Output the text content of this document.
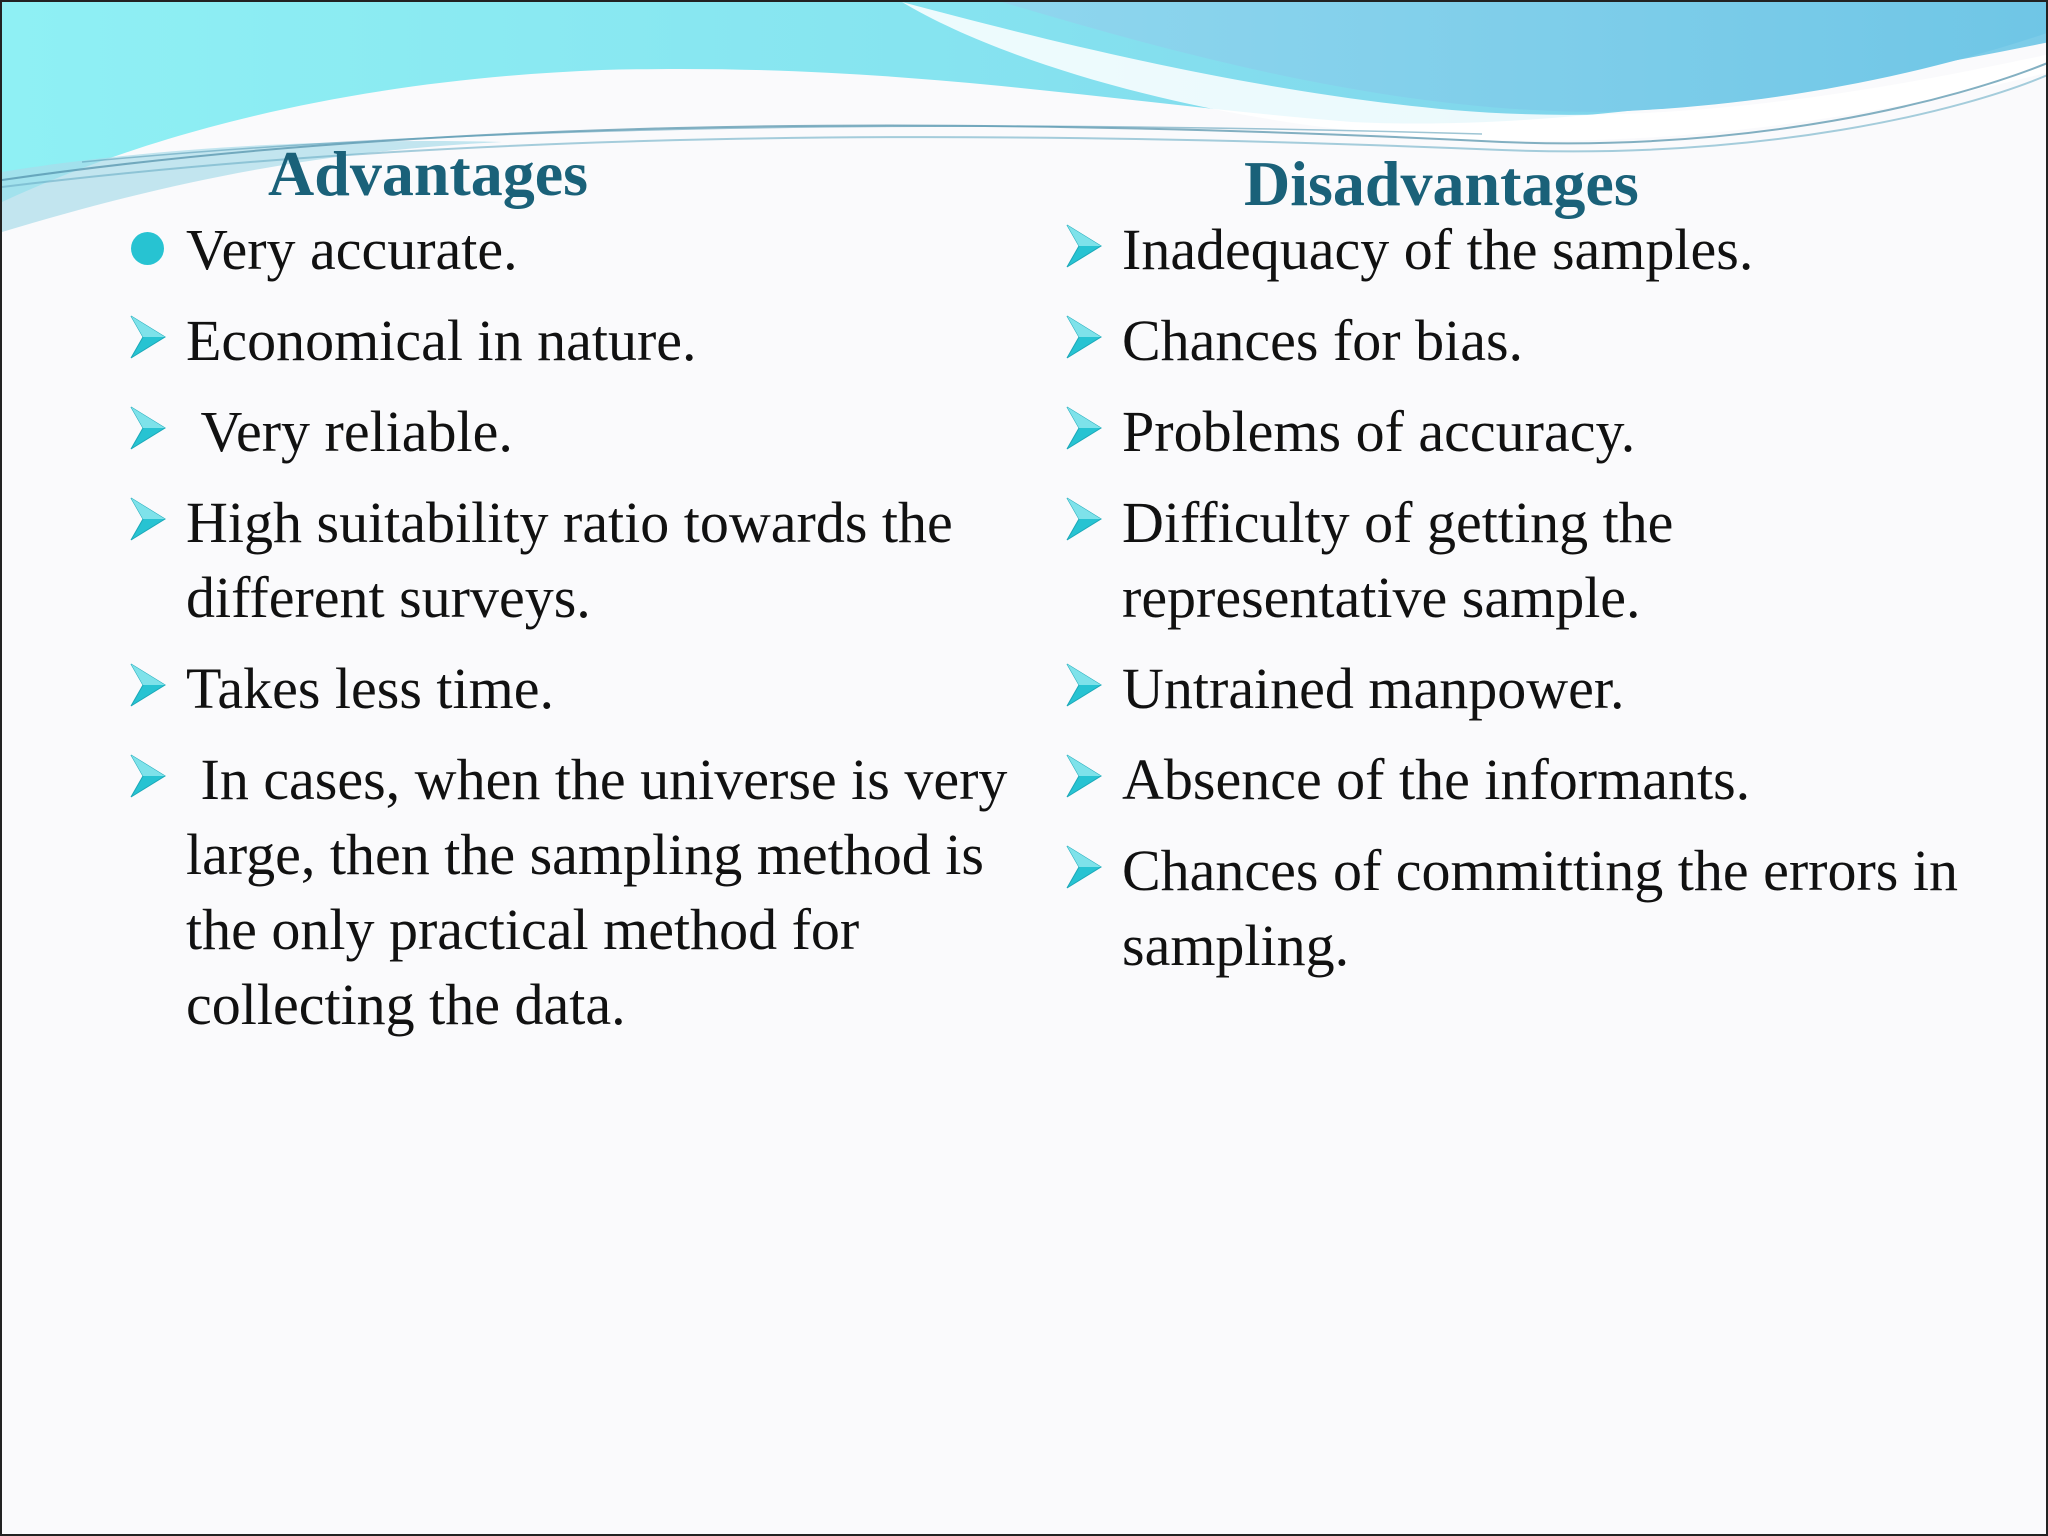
Advantages	Disadvantages
Very accurate.
Economical in nature.
Very reliable.
High suitability ratio towards the different surveys.
Takes less time.
In cases, when the universe is very large, then the sampling method is the only practical method for collecting the data.
Inadequacy of the samples.
Chances for bias.
Problems of accuracy.
Difficulty of getting the representative sample.
Untrained manpower.
Absence of the informants.
Chances of committing the errors in sampling.
